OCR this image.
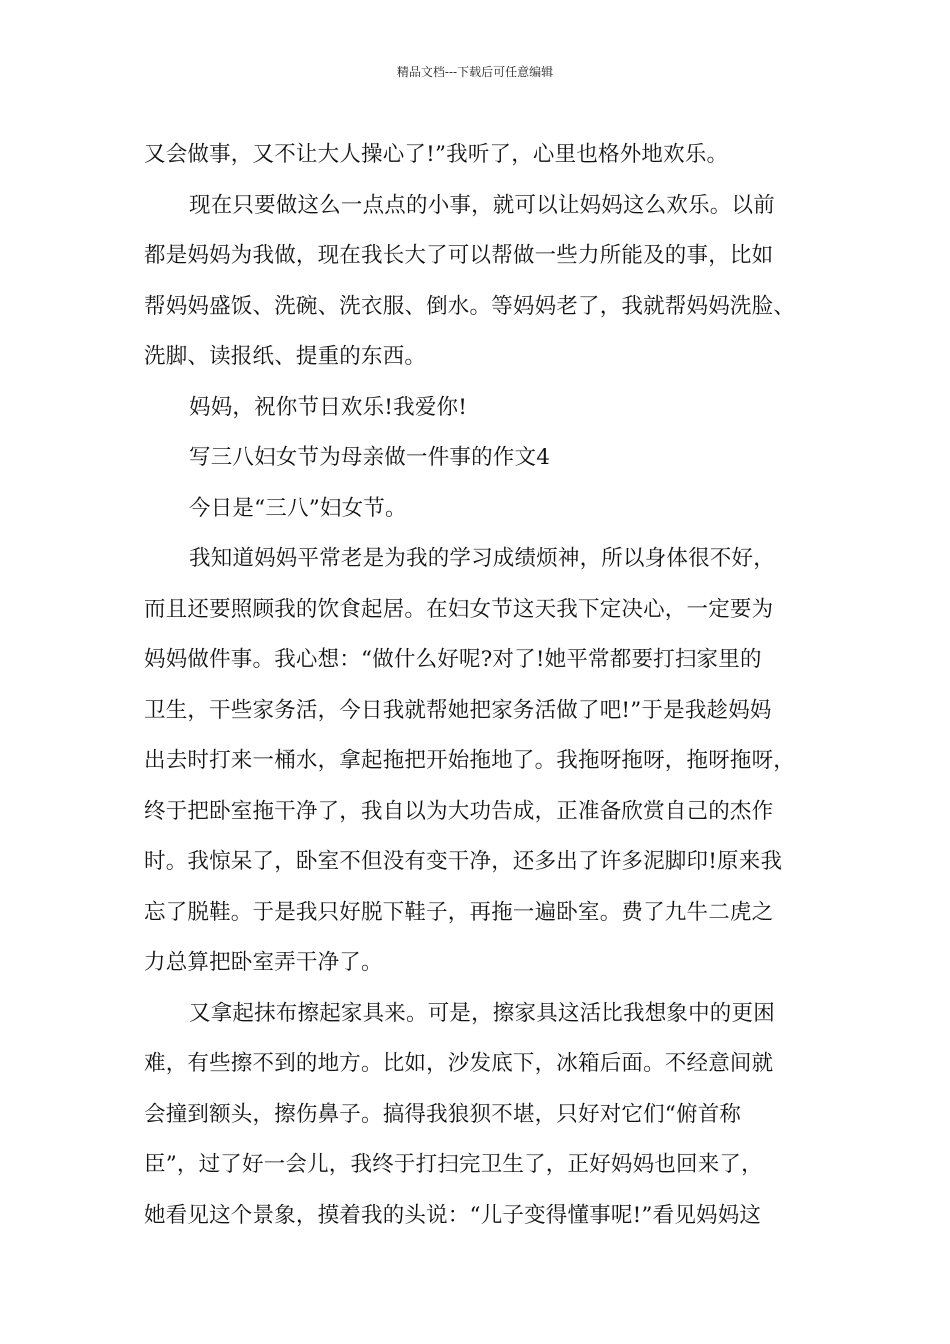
精品文档---下载后可任意编辑

又会做事，又不让大人操心了!”我听了，心里也格外地欢乐。

现在只要做这么一点点的小事，就可以让妈妈这么欢乐。以前

都是妈妈为我做，现在我长大了可以帮做一些力所能及的事，比如

帮妈妈盛饭、洗碗、洗衣服、倒水。等妈妈老了，我就帮妈妈洗脸、

洗脚、读报纸、提重的东西。

妈妈，祝你节日欢乐!我爱你!

写三八妇女节为母亲做一件事的作文4

今日是“三八”妇女节。

我知道妈妈平常老是为我的学习成绩烦神，所以身体很不好，

而且还要照顾我的饮食起居。在妇女节这天我下定决心，一定要为

妈妈做件事。我心想：“做什么好呢?对了!她平常都要打扫家里的

卫生，干些家务活，今日我就帮她把家务活做了吧!”于是我趁妈妈

出去时打来一桶水，拿起拖把开始拖地了。我拖呀拖呀，拖呀拖呀，

终于把卧室拖干净了，我自以为大功告成，正准备欣赏自己的杰作

时。我惊呆了，卧室不但没有变干净，还多出了许多泥脚印!原来我

忘了脱鞋。于是我只好脱下鞋子，再拖一遍卧室。费了九牛二虎之

力总算把卧室弄干净了。

又拿起抹布擦起家具来。可是，擦家具这活比我想象中的更困

难，有些擦不到的地方。比如，沙发底下，冰箱后面。不经意间就

会撞到额头，擦伤鼻子。搞得我狼狈不堪，只好对它们“俯首称

臣”，过了好一会儿，我终于打扫完卫生了，正好妈妈也回来了，

她看见这个景象，摸着我的头说：“儿子变得懂事呢!”看见妈妈这
